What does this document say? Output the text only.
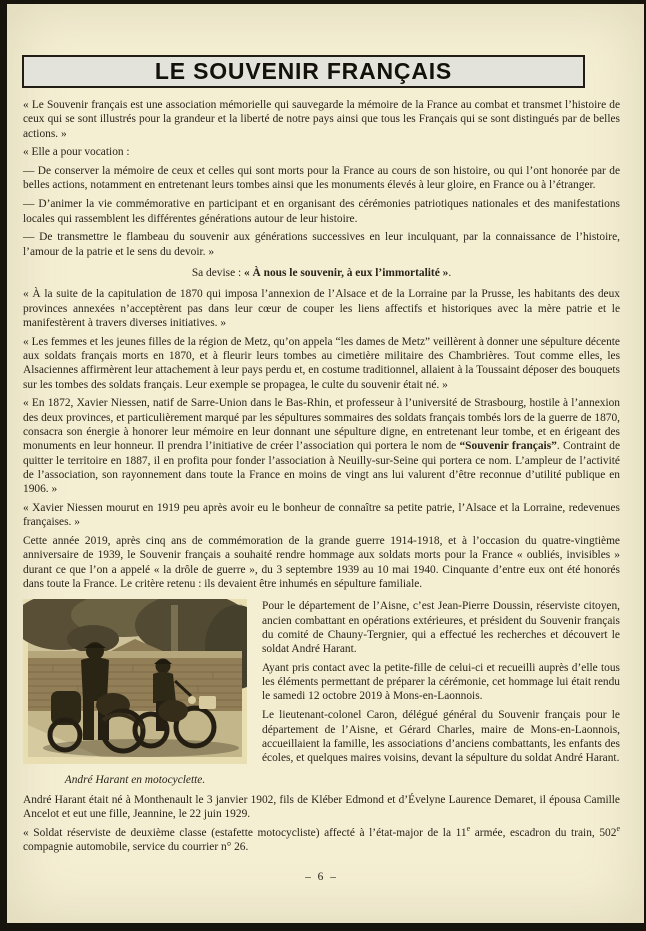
LE SOUVENIR FRANÇAIS

« Le Souvenir français est une association mémorielle qui sauvegarde la mémoire de la France au combat et transmet l’histoire de ceux qui se sont illustrés pour la grandeur et la liberté de notre pays ainsi que tous les Français qui se sont distingués par de belles actions. »

« Elle a pour vocation :

— De conserver la mémoire de ceux et celles qui sont morts pour la France au cours de son histoire, ou qui l’ont honorée par de belles actions, notamment en entretenant leurs tombes ainsi que les monuments élevés à leur gloire, en France ou à l’étranger.

— D’animer la vie commémorative en participant et en organisant des cérémonies patriotiques nationales et des manifestations locales qui rassemblent les différentes générations autour de leur histoire.

— De transmettre le flambeau du souvenir aux générations successives en leur inculquant, par la connaissance de l’histoire, l’amour de la patrie et le sens du devoir. »

Sa devise : « À nous le souvenir, à eux l’immortalité ».

« À la suite de la capitulation de 1870 qui imposa l’annexion de l’Alsace et de la Lorraine par la Prusse, les habitants des deux provinces annexées n’acceptèrent pas dans leur cœur de couper les liens affectifs et historiques avec la mère patrie et le manifestèrent à travers diverses initiatives. »

« Les femmes et les jeunes filles de la région de Metz, qu’on appela “les dames de Metz” veillèrent à donner une sépulture décente aux soldats français morts en 1870, et à fleurir leurs tombes au cimetière militaire des Chambrières. Tout comme elles, les Alsaciennes affirmèrent leur attachement à leur pays perdu et, en costume traditionnel, allaient à la Toussaint déposer des bouquets sur les tombes des soldats français. Leur exemple se propagea, le culte du souvenir était né. »

« En 1872, Xavier Niessen, natif de Sarre-Union dans le Bas-Rhin, et professeur à l’université de Strasbourg, hostile à l’annexion des deux provinces, et particulièrement marqué par les sépultures sommaires des soldats français tombés lors de la guerre de 1870, consacra son énergie à honorer leur mémoire en leur donnant une sépulture digne, en entretenant leur tombe, et en érigeant des monuments en leur honneur. Il prendra l’initiative de créer l’association qui portera le nom de “Souvenir français”. Contraint de quitter le territoire en 1887, il en profita pour fonder l’association à Neuilly-sur-Seine qui portera ce nom. L’ampleur de l’activité de l’association, son rayonnement dans toute la France en moins de vingt ans lui valurent d’être reconnue d’utilité publique en 1906. »

« Xavier Niessen mourut en 1919 peu après avoir eu le bonheur de connaître sa petite patrie, l’Alsace et la Lorraine, redevenues françaises. »

Cette année 2019, après cinq ans de commémoration de la grande guerre 1914-1918, et à l’occasion du quatre-vingtième anniversaire de 1939, le Souvenir français a souhaité rendre hommage aux soldats morts pour la France « oubliés, invisibles » durant ce que l’on a appelé « la drôle de guerre », du 3 septembre 1939 au 10 mai 1940. Cinquante d’entre eux ont été honorés dans toute la France. Le critère retenu : ils devaient être inhumés en sépulture familiale.

André Harant en motocyclette.

Pour le département de l’Aisne, c’est Jean-Pierre Doussin, réserviste citoyen, ancien combattant en opérations extérieures, et président du Souvenir français du comité de Chauny-Tergnier, qui a effectué les recherches et découvert le soldat André Harant.

Ayant pris contact avec la petite-fille de celui-ci et recueilli auprès d’elle tous les éléments permettant de préparer la cérémonie, cet hommage lui était rendu le samedi 12 octobre 2019 à Mons-en-Laonnois.

Le lieutenant-colonel Caron, délégué général du Souvenir français pour le département de l’Aisne, et Gérard Charles, maire de Mons-en-Laonnois, accueillaient la famille, les associations d’anciens combattants, les enfants des écoles, et quelques maires voisins, devant la sépulture du soldat André Harant.

André Harant était né à Monthenault le 3 janvier 1902, fils de Kléber Edmond et d’Évelyne Laurence Demaret, il épousa Camille Ancelot et eut une fille, Jeannine, le 22 juin 1929.

« Soldat réserviste de deuxième classe (estafette motocycliste) affecté à l’état-major de la 11e armée, escadron du train, 502e compagnie automobile, service du courrier n° 26.

– 6 –
